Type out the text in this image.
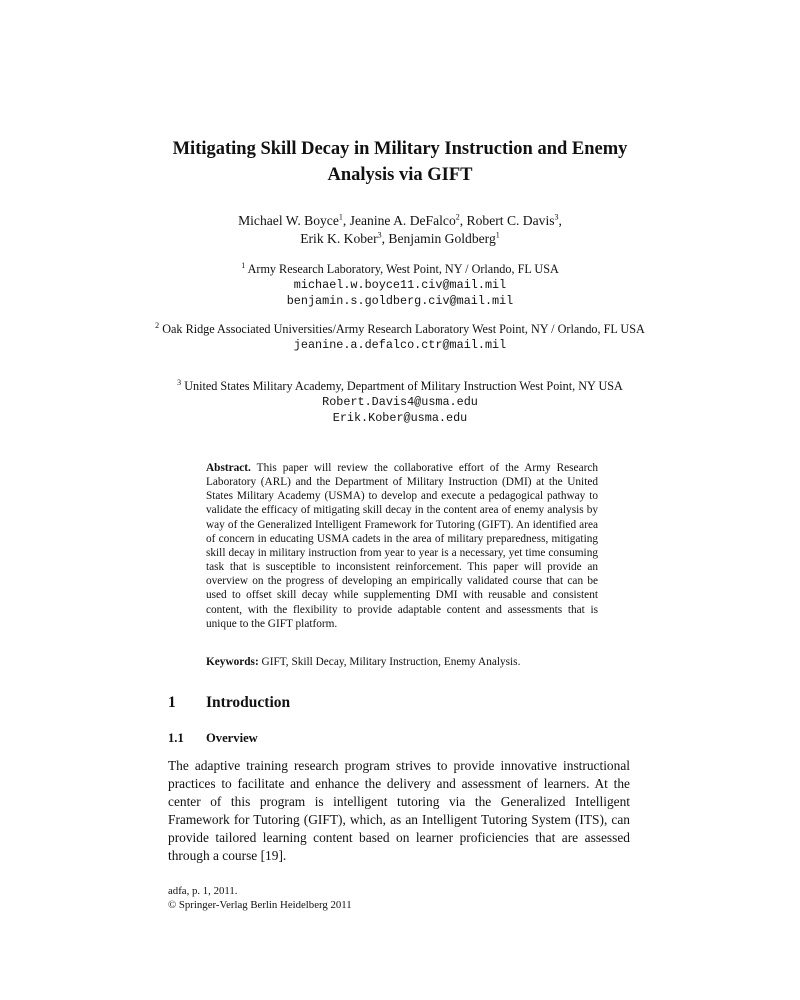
Mitigating Skill Decay in Military Instruction and Enemy Analysis via GIFT
Michael W. Boyce$^1$, Jeanine A. DeFalco$^2$, Robert C. Davis$^3$,
Erik K. Kober$^3$, Benjamin Goldberg$^1$
$^1$ Army Research Laboratory, West Point, NY / Orlando, FL USA
michael.w.boyce11.civ@mail.mil
benjamin.s.goldberg.civ@mail.mil
$^2$ Oak Ridge Associated Universities/Army Research Laboratory West Point, NY / Orlando, FL USA
jeanine.a.defalco.ctr@mail.mil
$^3$ United States Military Academy, Department of Military Instruction West Point, NY USA
Robert.Davis4@usma.edu
Erik.Kober@usma.edu
Abstract. This paper will review the collaborative effort of the Army Research Laboratory (ARL) and the Department of Military Instruction (DMI) at the United States Military Academy (USMA) to develop and execute a pedagogical pathway to validate the efficacy of mitigating skill decay in the content area of enemy analysis by way of the Generalized Intelligent Framework for Tutoring (GIFT). An identified area of concern in educating USMA cadets in the area of military preparedness, mitigating skill decay in military instruction from year to year is a necessary, yet time consuming task that is susceptible to inconsistent reinforcement. This paper will provide an overview on the progress of developing an empirically validated course that can be used to offset skill decay while supplementing DMI with reusable and consistent content, with the flexibility to provide adaptable content and assessments that is unique to the GIFT platform.
Keywords: GIFT, Skill Decay, Military Instruction, Enemy Analysis.
1 Introduction
1.1 Overview

The adaptive training research program strives to provide innovative instructional practices to facilitate and enhance the delivery and assessment of learners. At the center of this program is intelligent tutoring via the Generalized Intelligent Framework for Tutoring (GIFT), which, as an Intelligent Tutoring System (ITS), can provide tailored learning content based on learner proficiencies that are assessed through a course [19].

adfa, p. 1, 2011.
© Springer-Verlag Berlin Heidelberg 2011
